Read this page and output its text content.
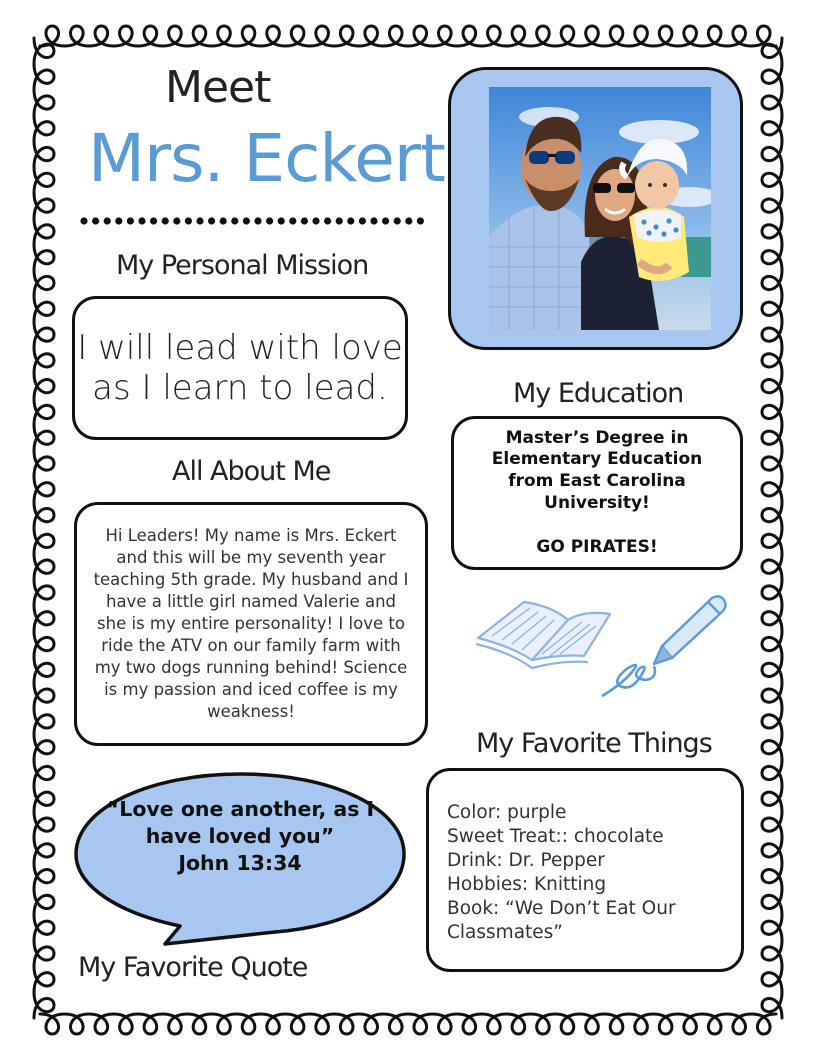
Meet
Mrs. Eckert
My Personal Mission
I will lead with love as I learn to lead.
All About Me
Hi Leaders! My name is Mrs. Eckert and this will be my seventh year teaching 5th grade. My husband and I have a little girl named Valerie and she is my entire personality! I love to ride the ATV on our family farm with my two dogs running behind! Science is my passion and iced coffee is my weakness!
“Love one another, as I have loved you”
John 13:34
My Favorite Quote
My Education
Master’s Degree in Elementary Education from East Carolina University!
GO PIRATES!
My Favorite Things
Color: purple
Sweet Treat:: chocolate
Drink: Dr. Pepper
Hobbies: Knitting
Book: “We Don’t Eat Our Classmates”
